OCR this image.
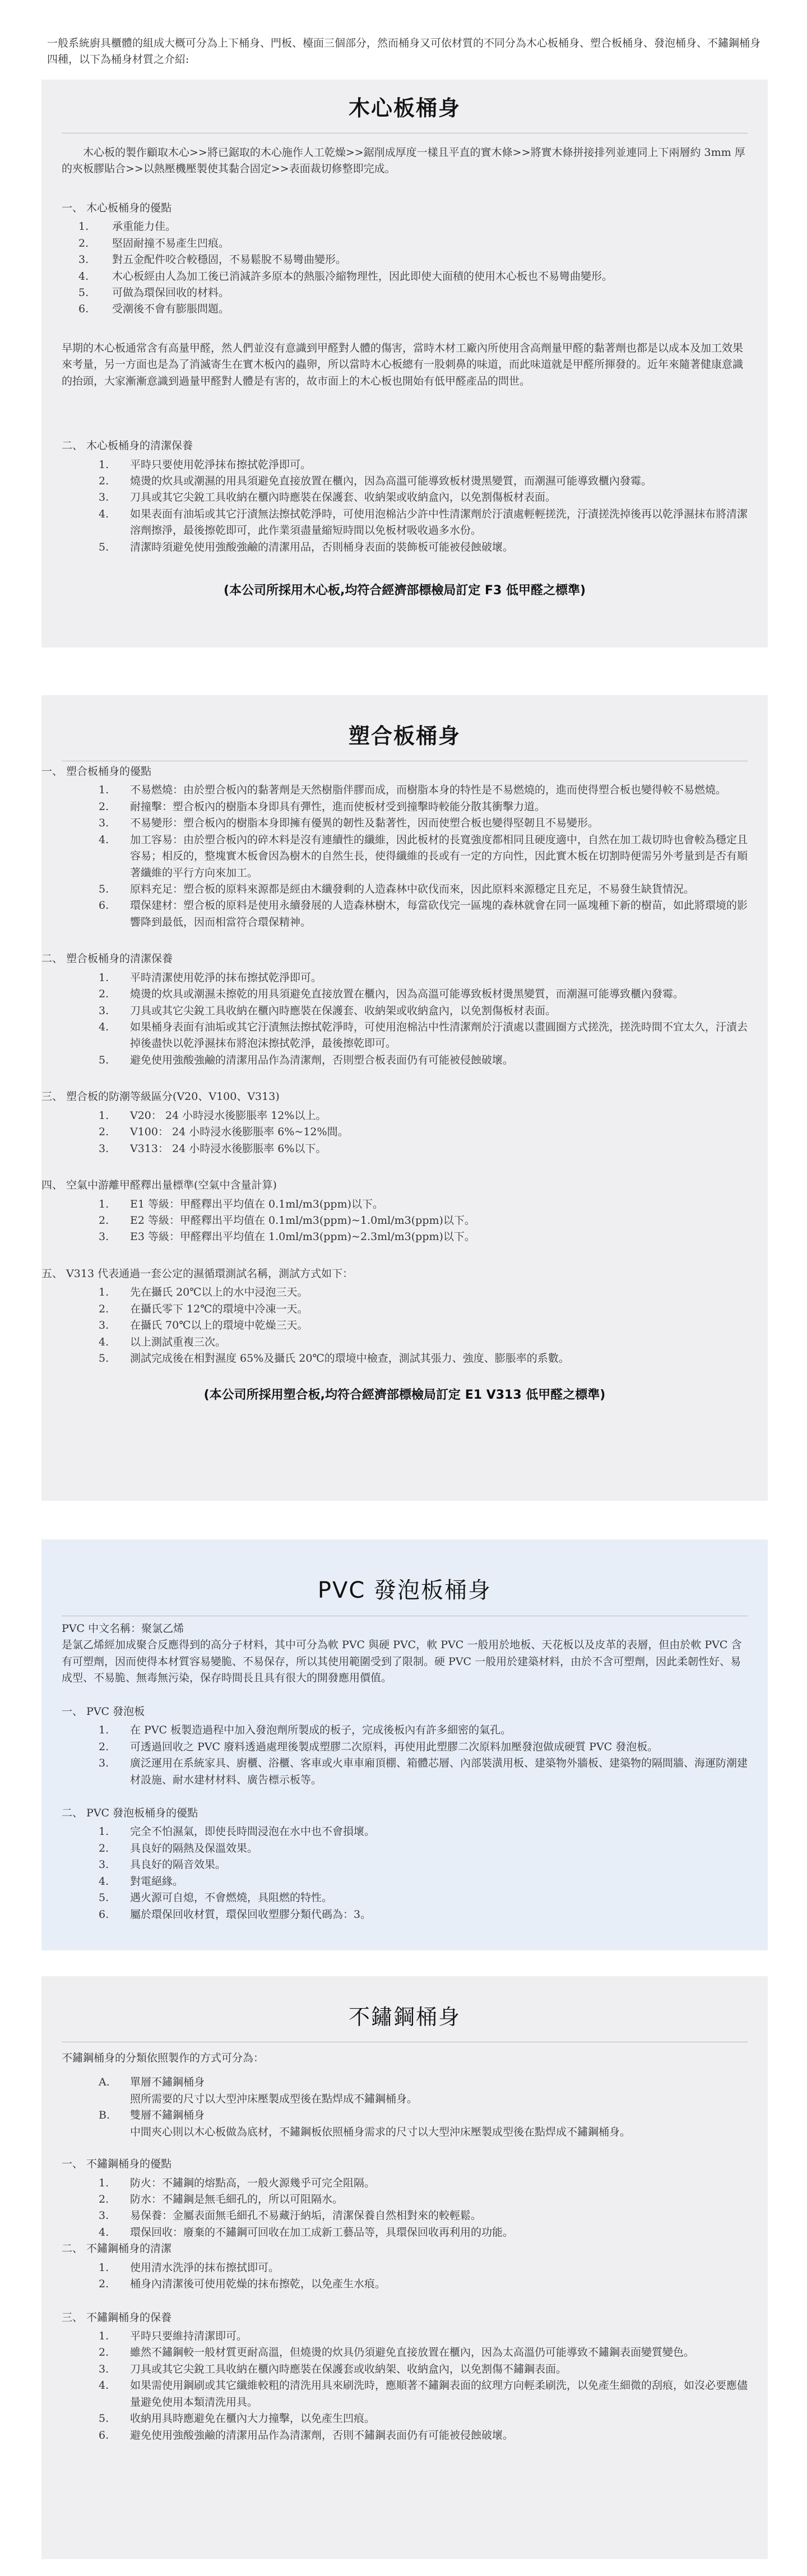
一般系統廚具櫃體的組成大概可分為上下桶身、門板、檯面三個部分，然而桶身又可依材質的不同分為木心板桶身、塑合板桶身、發泡桶身、不鏽鋼桶身 四種，以下為桶身材質之介紹:

木心板桶身

木心板的製作顧取木心>>將已鋸取的木心施作人工乾燥>>鋸削成厚度一樣且平直的實木條>>將實木條拼接排列並連同上下兩層約 3mm 厚的夾板膠貼合>>以熱壓機壓製使其黏合固定>>表面裁切修整即完成。

一、 木心板桶身的優點

1. 承重能力佳。
2. 堅固耐撞不易產生凹痕。
3. 對五金配件咬合較穩固，不易鬆脫不易彎曲變形。
4. 木心板經由人為加工後已消減許多原本的熱脹冷縮物理性，因此即使大面積的使用木心板也不易彎曲變形。
5. 可做為環保回收的材料。
6. 受潮後不會有膨脹問題。

早期的木心板通常含有高量甲醛，然人們並沒有意識到甲醛對人體的傷害，當時木材工廠內所使用含高劑量甲醛的黏著劑也都是以成本及加工效果來考量，另一方面也是為了消滅寄生在實木板內的蟲卵，所以當時木心板總有一股刺鼻的味道，而此味道就是甲醛所揮發的。近年來隨著健康意識的抬頭，大家漸漸意識到過量甲醛對人體是有害的，故市面上的木心板也開始有低甲醛產品的問世。

二、 木心板桶身的清潔保養

1. 平時只要使用乾淨抹布擦拭乾淨即可。
2. 燒燙的炊具或潮濕的用具須避免直接放置在櫃內，因為高溫可能導致板材燙黑變質，而潮濕可能導致櫃內發霉。
3. 刀具或其它尖銳工具收納在櫃內時應裝在保護套、收納架或收納盒內，以免割傷板材表面。
4. 如果表面有油垢或其它汙漬無法擦拭乾淨時，可使用泡棉沾少許中性清潔劑於汙漬處輕輕搓洗，汙漬搓洗掉後再以乾淨濕抹布將清潔溶劑擦淨，最後擦乾即可，此作業須盡量縮短時間以免板材吸收過多水份。
5. 清潔時須避免使用強酸強鹼的清潔用品，否則桶身表面的裝飾板可能被侵蝕破壞。

(本公司所採用木心板,均符合經濟部標檢局訂定 F3 低甲醛之標準)

塑合板桶身

一、 塑合板桶身的優點

1. 不易燃燒：由於塑合板內的黏著劑是天然樹脂伴膠而成，而樹脂本身的特性是不易燃燒的，進而使得塑合板也變得較不易燃燒。
2. 耐撞擊：塑合板內的樹脂本身即具有彈性，進而使板材受到撞擊時較能分散其衝擊力道。
3. 不易變形：塑合板內的樹脂本身即擁有優異的韌性及黏著性，因而使塑合板也變得堅韌且不易變形。
4. 加工容易：由於塑合板內的碎木料是沒有連續性的纖維，因此板材的長寬強度都相同且硬度適中，自然在加工裁切時也會較為穩定且容易；相反的，整塊實木板會因為樹木的自然生長，使得纖維的長或有一定的方向性，因此實木板在切割時便需另外考量到是否有順著纖維的平行方向來加工。
5. 原料充足：塑合板的原料來源都是經由木纖發剩的人造森林中砍伐而來，因此原料來源穩定且充足，不易發生缺貨情況。
6. 環保建材：塑合板的原料是使用永續發展的人造森林樹木，每當砍伐完一區塊的森林就會在同一區塊種下新的樹苗，如此將環境的影響降到最低，因而相當符合環保精神。

二、 塑合板桶身的清潔保養

1. 平時清潔使用乾淨的抹布擦拭乾淨即可。
2. 燒燙的炊具或潮濕未擦乾的用具須避免直接放置在櫃內，因為高溫可能導致板材燙黑變質，而潮濕可能導致櫃內發霉。
3. 刀具或其它尖銳工具收納在櫃內時應裝在保護套、收納架或收納盒內，以免割傷板材表面。
4. 如果桶身表面有油垢或其它汙漬無法擦拭乾淨時，可使用泡棉沾中性清潔劑於汙漬處以畫圓圈方式搓洗，搓洗時間不宜太久，汙漬去掉後盡快以乾淨濕抹布將泡沫擦拭乾淨，最後擦乾即可。
5. 避免使用強酸強鹼的清潔用品作為清潔劑，否則塑合板表面仍有可能被侵蝕破壞。

三、 塑合板的防潮等級區分(V20、V100、V313)

1. V20： 24 小時浸水後膨脹率 12%以上。
2. V100： 24 小時浸水後膨脹率 6%~12%間。
3. V313： 24 小時浸水後膨脹率 6%以下。

四、 空氣中游離甲醛釋出量標準(空氣中含量計算)

1. E1 等級：甲醛釋出平均值在 0.1ml/m3(ppm)以下。
2. E2 等級：甲醛釋出平均值在 0.1ml/m3(ppm)~1.0ml/m3(ppm)以下。
3. E3 等級：甲醛釋出平均值在 1.0ml/m3(ppm)~2.3ml/m3(ppm)以下。

五、 V313 代表通過一套公定的濕循環測試名稱，測試方式如下：

1. 先在攝氏 20℃以上的水中浸泡三天。
2. 在攝氏零下 12℃的環境中冷凍一天。
3. 在攝氏 70℃以上的環境中乾燥三天。
4. 以上測試重複三次。
5. 測試完成後在相對濕度 65%及攝氏 20℃的環境中檢查，測試其張力、強度、膨脹率的系數。

(本公司所採用塑合板,均符合經濟部標檢局訂定 E1 V313 低甲醛之標準)

PVC 發泡板桶身

PVC 中文名稱：聚氯乙烯

是氯乙烯經加成聚合反應得到的高分子材料，其中可分為軟 PVC 與硬 PVC，軟 PVC 一般用於地板、天花板以及皮革的表層，但由於軟 PVC 含有可塑劑，因而使得本材質容易變脆、不易保存，所以其使用範圍受到了限制。硬 PVC 一般用於建築材料，由於不含可塑劑，因此柔韌性好、易成型、不易脆、無毒無污染，保存時間長且具有很大的開發應用價值。

一、 PVC 發泡板

1. 在 PVC 板製造過程中加入發泡劑所製成的板子，完成後板內有許多細密的氣孔。
2. 可透過回收之 PVC 廢料透過處理後製成塑膠二次原料，再使用此塑膠二次原料加壓發泡做成硬質 PVC 發泡板。
3. 廣泛運用在系統家具、廚櫃、浴櫃、客車或火車車廂頂棚、箱體芯層、內部裝潢用板、建築物外牆板、建築物的隔間牆、海運防潮建材設施、耐水建材材料、廣告標示板等。

二、 PVC 發泡板桶身的優點

1. 完全不怕濕氣，即使長時間浸泡在水中也不會損壞。
2. 具良好的隔熱及保溫效果。
3. 具良好的隔音效果。
4. 對電絕緣。
5. 遇火源可自熄，不會燃燒，具阻燃的特性。
6. 屬於環保回收材質，環保回收塑膠分類代碼為：3。
不鏽鋼桶身

不鏽鋼桶身的分類依照製作的方式可分為：

A. 單層不鏽鋼桶身
照所需要的尺寸以大型沖床壓製成型後在點焊成不鏽鋼桶身。
B. 雙層不鏽鋼桶身
中間夾心則以木心板做為底材，不鏽鋼板依照桶身需求的尺寸以大型沖床壓製成型後在點焊成不鏽鋼桶身。

一、 不鏽鋼桶身的優點

1. 防火：不鏽鋼的熔點高，一般火源幾乎可完全阻隔。
2. 防水：不鏽鋼是無毛細孔的，所以可阻隔水。
3. 易保養：金屬表面無毛細孔不易藏汙納垢，清潔保養自然相對來的較輕鬆。
4. 環保回收：廢棄的不鏽鋼可回收在加工成新工藝品等，具環保回收再利用的功能。

二、 不鏽鋼桶身的清潔

1. 使用清水洗淨的抹布擦拭即可。
2. 桶身內清潔後可使用乾燥的抹布擦乾，以免產生水痕。

三、 不鏽鋼桶身的保養

1. 平時只要維持清潔即可。
2. 雖然不鏽鋼較一般材質更耐高溫，但燒燙的炊具仍須避免直接放置在櫃內，因為太高溫仍可能導致不鏽鋼表面變質變色。
3. 刀具或其它尖銳工具收納在櫃內時應裝在保護套或收納架、收納盒內，以免割傷不鏽鋼表面。
4. 如果需使用鋼刷或其它纖維較粗的清洗用具來刷洗時，應順著不鏽鋼表面的紋理方向輕柔刷洗，以免產生細微的刮痕，如沒必要應儘量避免使用本類清洗用具。
5. 收納用具時應避免在櫃內大力撞擊，以免產生凹痕。
6. 避免使用強酸強鹼的清潔用品作為清潔劑，否則不鏽鋼表面仍有可能被侵蝕破壞。
